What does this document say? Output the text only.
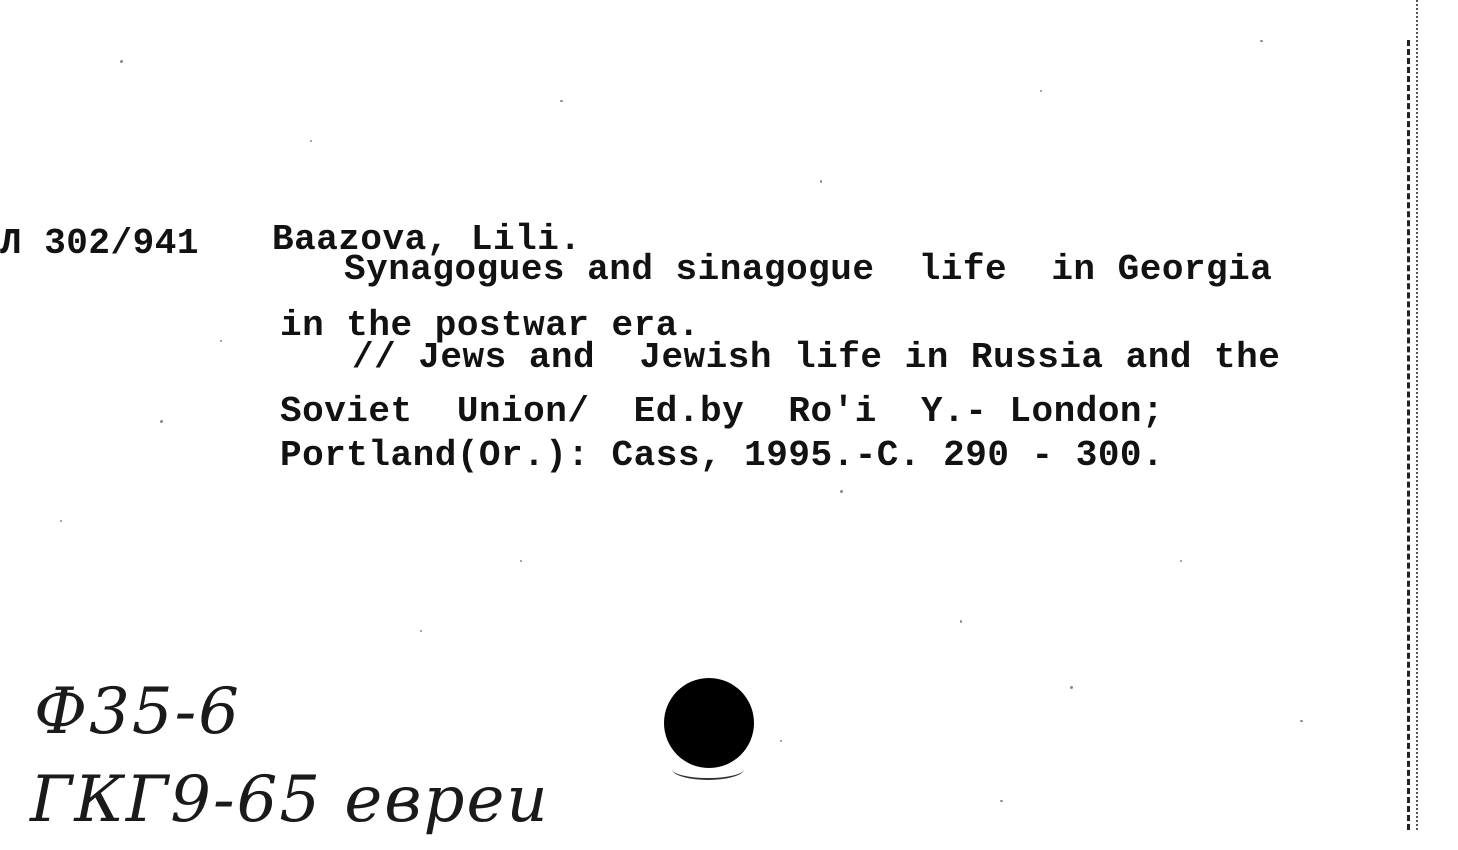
Л 302/941 Baazova, Lili.
Synagogues and sinagogue  life  in Georgia
in the postwar era.
// Jews and  Jewish life in Russia and the
Soviet  Union/  Ed.by  Ro'i  Y.- London;
Portland(Or.): Cass, 1995.-C. 290 - 300.
Ф35-6
ГКГ9-65 евреи
